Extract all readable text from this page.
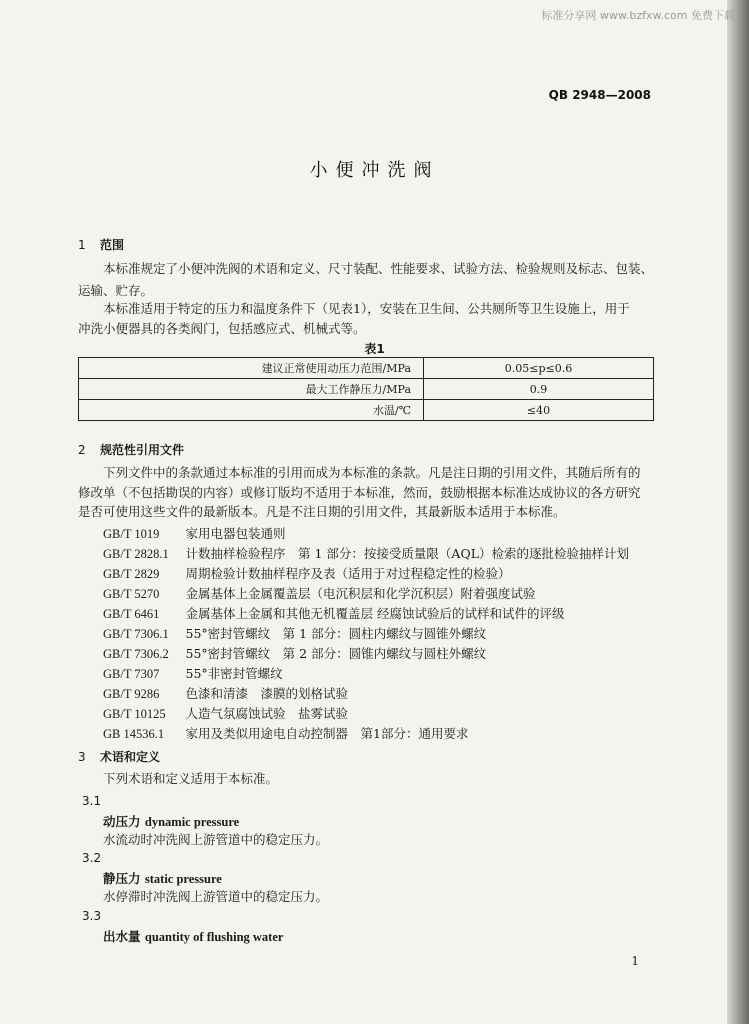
标准分享网 www.bzfxw.com 免费下载
QB 2948—2008
小便冲洗阀
1 范围
本标准规定了小便冲洗阀的术语和定义、尺寸装配、性能要求、试验方法、检验规则及标志、包装、
运输、贮存。
本标准适用于特定的压力和温度条件下（见表1），安装在卫生间、公共厕所等卫生设施上，用于
冲洗小便器具的各类阀门，包括感应式、机械式等。
表1
建议正常使用动压力范围/MPa	0.05≤p≤0.6
最大工作静压力/MPa	0.9
水温/℃	≤40
2 规范性引用文件
下列文件中的条款通过本标准的引用而成为本标准的条款。凡是注日期的引用文件，其随后所有的
修改单（不包括勘误的内容）或修订版均不适用于本标准，然而，鼓励根据本标准达成协议的各方研究
是否可使用这些文件的最新版本。凡是不注日期的引用文件，其最新版本适用于本标准。
GB/T 1019　 家用电器包装通则
GB/T 2828.1　 计数抽样检验程序　第 1 部分：按接受质量限（AQL）检索的逐批检验抽样计划
GB/T 2829　 周期检验计数抽样程序及表（适用于对过程稳定性的检验）
GB/T 5270　 金属基体上金属覆盖层（电沉积层和化学沉积层）附着强度试验
GB/T 6461　 金属基体上金属和其他无机覆盖层 经腐蚀试验后的试样和试件的评级
GB/T 7306.1　 55°密封管螺纹　第 1 部分：圆柱内螺纹与圆锥外螺纹
GB/T 7306.2　 55°密封管螺纹　第 2 部分：圆锥内螺纹与圆柱外螺纹
GB/T 7307　 55°非密封管螺纹
GB/T 9286　 色漆和清漆　漆膜的划格试验
GB/T 10125　 人造气氛腐蚀试验　盐雾试验
GB 14536.1　 家用及类似用途电自动控制器　第1部分：通用要求
3 术语和定义
下列术语和定义适用于本标准。
3.1
动压力 dynamic pressure
水流动时冲洗阀上游管道中的稳定压力。
3.2
静压力 static pressure
水停滞时冲洗阀上游管道中的稳定压力。
3.3
出水量 quantity of flushing water
1
